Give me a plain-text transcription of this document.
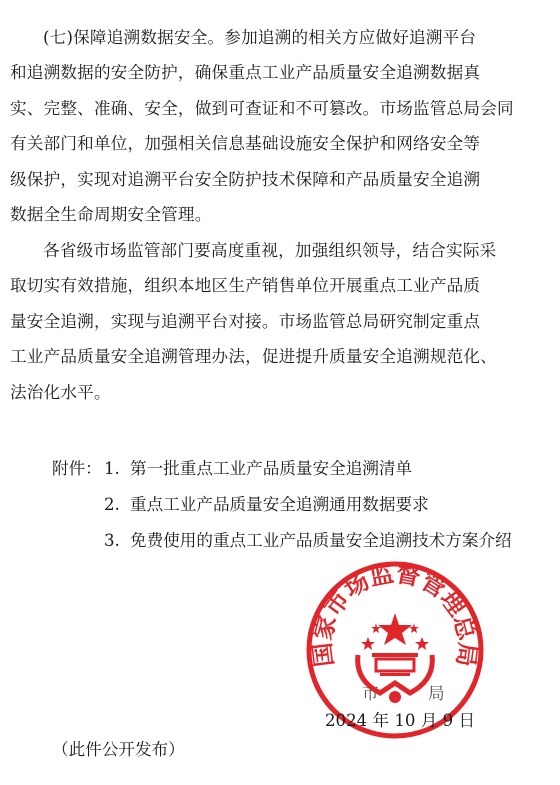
(七)保障追溯数据安全。参加追溯的相关方应做好追溯平台
和追溯数据的安全防护，确保重点工业产品质量安全追溯数据真
实、完整、准确、安全，做到可查证和不可篡改。市场监管总局会同
有关部门和单位，加强相关信息基础设施安全保护和网络安全等
级保护，实现对追溯平台安全防护技术保障和产品质量安全追溯
数据全生命周期安全管理。
各省级市场监管部门要高度重视，加强组织领导，结合实际采
取切实有效措施，组织本地区生产销售单位开展重点工业产品质
量安全追溯，实现与追溯平台对接。市场监管总局研究制定重点
工业产品质量安全追溯管理办法，促进提升质量安全追溯规范化、
法治化水平。
附件： 1. 第一批重点工业产品质量安全追溯清单
2. 重点工业产品质量安全追溯通用数据要求
3. 免费使用的重点工业产品质量安全追溯技术方案介绍
市	局
国家市场监督管理总局
2024 年 10 月 9 日
（此件公开发布）
